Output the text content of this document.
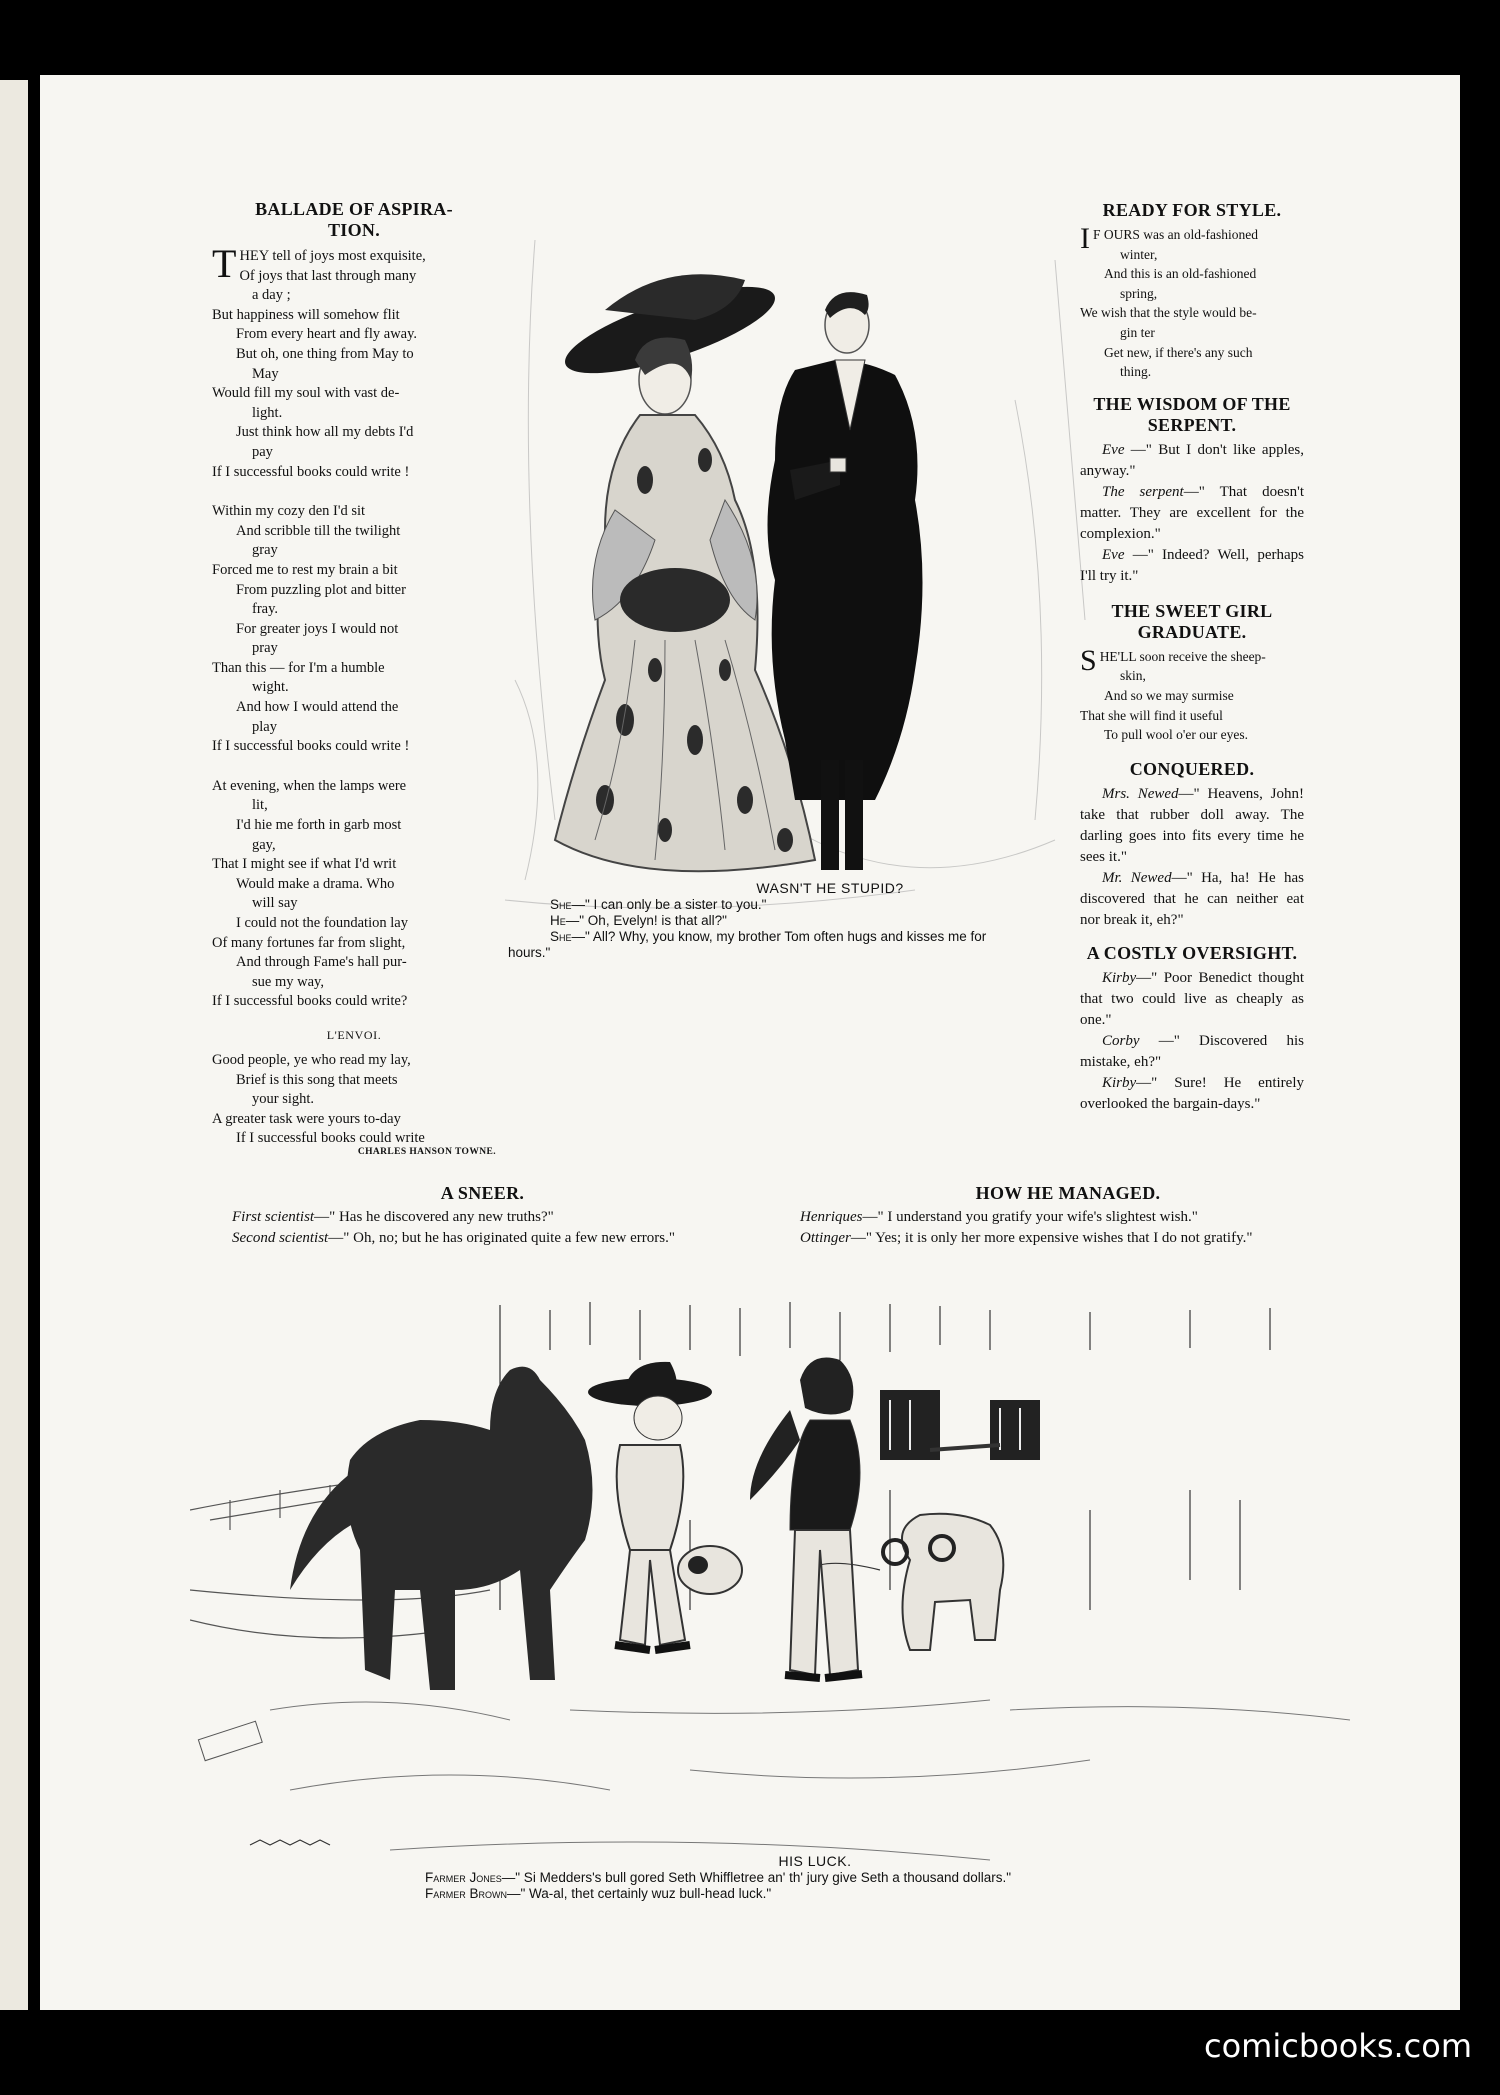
BALLADE OF ASPIRA-
TION.
T HEY tell of joys most exquisite,
Of joys that last through many
a day ;
But happiness will somehow flit
From every heart and fly away.
But oh, one thing from May to
May
Would fill my soul with vast de-
light.
Just think how all my debts I'd
pay
If I successful books could write !
Within my cozy den I'd sit
And scribble till the twilight
gray
Forced me to rest my brain a bit
From puzzling plot and bitter
fray.
For greater joys I would not
pray
Than this — for I'm a humble
wight.
And how I would attend the
play
If I successful books could write !
At evening, when the lamps were
lit,
I'd hie me forth in garb most
gay,
That I might see if what I'd writ
Would make a drama. Who
will say
I could not the foundation lay
Of many fortunes far from slight,
And through Fame's hall pur-
sue my way,
If I successful books could write?
L'ENVOI.
Good people, ye who read my lay,
Brief is this song that meets
your sight.
A greater task were yours to-day
If I successful books could write
CHARLES HANSON TOWNE.
WASN'T HE STUPID?
She—" I can only be a sister to you."
He—" Oh, Evelyn! is that all?"
She—" All? Why, you know, my brother Tom often hugs and kisses me for
hours."
READY FOR STYLE.
I F OURS was an old-fashioned
winter,
And this is an old-fashioned
spring,
We wish that the style would be-
gin ter
Get new, if there's any such
thing.
THE WISDOM OF THE
SERPENT.

Eve —" But I don't like apples, anyway."

The serpent—" That doesn't matter. They are excellent for the complexion."

Eve —" Indeed? Well, perhaps I'll try it."

THE SWEET GIRL
GRADUATE.
S HE'LL soon receive the sheep-
skin,
And so we may surmise
That she will find it useful
To pull wool o'er our eyes.
CONQUERED.

Mrs. Newed—" Heavens, John! take that rubber doll away. The darling goes into fits every time he sees it."

Mr. Newed—" Ha, ha! He has discovered that he can neither eat nor break it, eh?"

A COSTLY OVERSIGHT.

Kirby—" Poor Benedict thought that two could live as cheaply as one."

Corby —" Discovered his mistake, eh?"

Kirby—" Sure! He entirely overlooked the bargain-days."

A SNEER.

First scientist—" Has he discovered any new truths?"

Second scientist—" Oh, no; but he has originated quite a few new errors."

HOW HE MANAGED.

Henriques—" I understand you gratify your wife's slightest wish."

Ottinger—" Yes; it is only her more expensive wishes that I do not gratify."

HIS LUCK.
Farmer Jones—" Si Medders's bull gored Seth Whiffletree an' th' jury give Seth a thousand dollars."
Farmer Brown—" Wa-al, thet certainly wuz bull-head luck."
comicbooks.com
